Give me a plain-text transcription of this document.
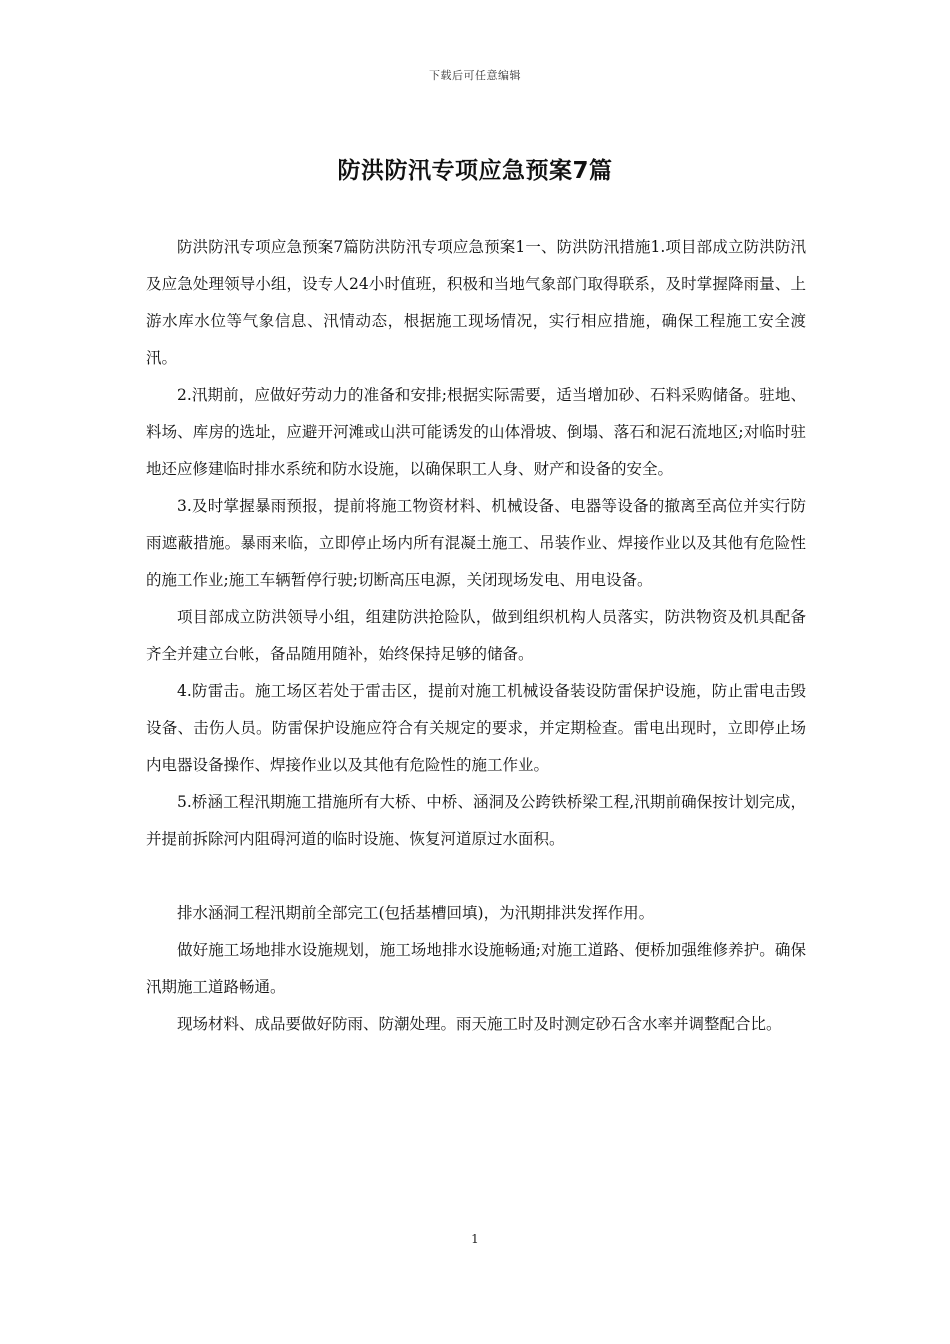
下载后可任意编辑
防洪防汛专项应急预案7篇

防洪防汛专项应急预案7篇防洪防汛专项应急预案1一、防洪防汛措施1.项目部成立防洪防汛及应急处理领导小组，设专人24小时值班，积极和当地气象部门取得联系，及时掌握降雨量、上游水库水位等气象信息、汛情动态，根据施工现场情况，实行相应措施，确保工程施工安全渡汛。

2.汛期前，应做好劳动力的准备和安排;根据实际需要，适当增加砂、石料采购储备。驻地、料场、库房的选址，应避开河滩或山洪可能诱发的山体滑坡、倒塌、落石和泥石流地区;对临时驻地还应修建临时排水系统和防水设施，以确保职工人身、财产和设备的安全。

3.及时掌握暴雨预报，提前将施工物资材料、机械设备、电器等设备的撤离至高位并实行防雨遮蔽措施。暴雨来临，立即停止场内所有混凝土施工、吊装作业、焊接作业以及其他有危险性的施工作业;施工车辆暂停行驶;切断高压电源，关闭现场发电、用电设备。

项目部成立防洪领导小组，组建防洪抢险队，做到组织机构人员落实，防洪物资及机具配备齐全并建立台帐，备品随用随补，始终保持足够的储备。

4.防雷击。施工场区若处于雷击区，提前对施工机械设备装设防雷保护设施，防止雷电击毁设备、击伤人员。防雷保护设施应符合有关规定的要求，并定期检查。雷电出现时，立即停止场内电器设备操作、焊接作业以及其他有危险性的施工作业。

5.桥涵工程汛期施工措施所有大桥、中桥、涵洞及公跨铁桥梁工程,汛期前确保按计划完成，并提前拆除河内阻碍河道的临时设施、恢复河道原过水面积。

排水涵洞工程汛期前全部完工(包括基槽回填)，为汛期排洪发挥作用。

做好施工场地排水设施规划，施工场地排水设施畅通;对施工道路、便桥加强维修养护。确保汛期施工道路畅通。

现场材料、成品要做好防雨、防潮处理。雨天施工时及时测定砂石含水率并调整配合比。

1
